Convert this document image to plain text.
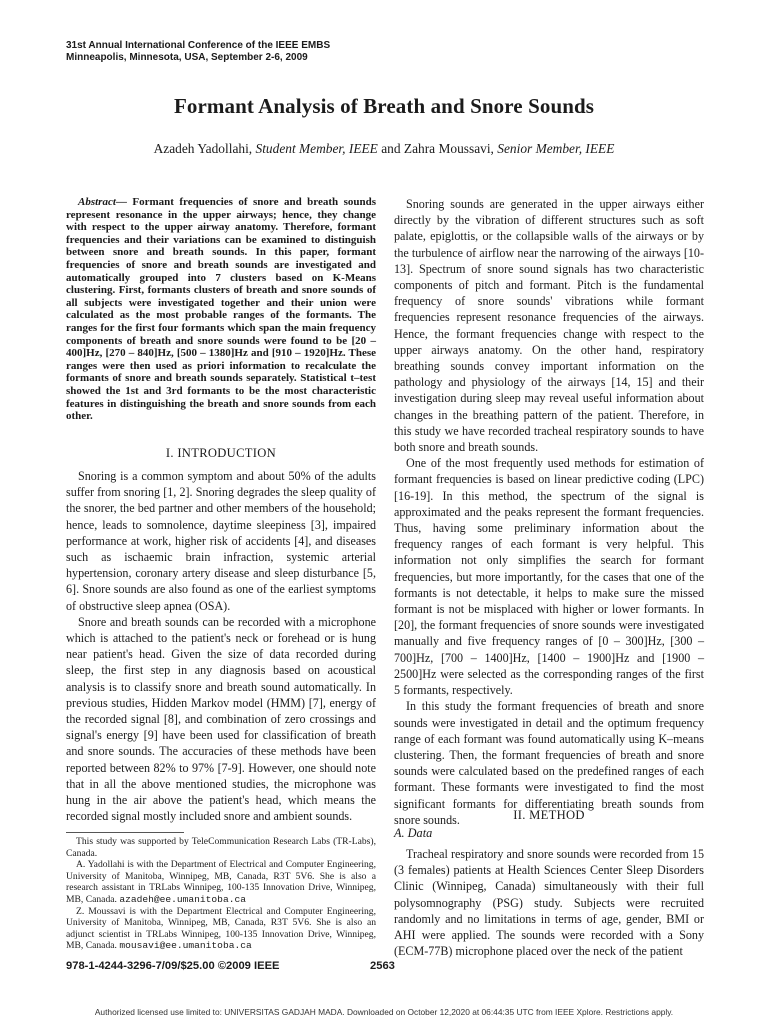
31st Annual International Conference of the IEEE EMBS
Minneapolis, Minnesota, USA, September 2-6, 2009
Formant Analysis of Breath and Snore Sounds
Azadeh Yadollahi, Student Member, IEEE and Zahra Moussavi, Senior Member, IEEE
Abstract— Formant frequencies of snore and breath sounds represent resonance in the upper airways; hence, they change with respect to the upper airway anatomy. Therefore, formant frequencies and their variations can be examined to distinguish between snore and breath sounds. In this paper, formant frequencies of snore and breath sounds are investigated and automatically grouped into 7 clusters based on K-Means clustering. First, formants clusters of breath and snore sounds of all subjects were investigated together and their union were calculated as the most probable ranges of the formants. The ranges for the first four formants which span the main frequency components of breath and snore sounds were found to be [20 – 400]Hz, [270 – 840]Hz, [500 – 1380]Hz and [910 – 1920]Hz. These ranges were then used as priori information to recalculate the formants of snore and breath sounds separately. Statistical t–test showed the 1st and 3rd formants to be the most characteristic features in distinguishing the breath and snore sounds from each other.
I. INTRODUCTION

Snoring is a common symptom and about 50% of the adults suffer from snoring [1, 2]. Snoring degrades the sleep quality of the snorer, the bed partner and other members of the household; hence, leads to somnolence, daytime sleepiness [3], impaired performance at work, higher risk of accidents [4], and diseases such as ischaemic brain infraction, systemic arterial hypertension, coronary artery disease and sleep disturbance [5, 6]. Snore sounds are also found as one of the earliest symptoms of obstructive sleep apnea (OSA).

Snore and breath sounds can be recorded with a microphone which is attached to the patient's neck or forehead or is hung near patient's head. Given the size of data recorded during sleep, the first step in any diagnosis based on acoustical analysis is to classify snore and breath sound automatically. In previous studies, Hidden Markov model (HMM) [7], energy of the recorded signal [8], and combination of zero crossings and signal's energy [9] have been used for classification of breath and snore sounds. The accuracies of these methods have been reported between 82% to 97% [7-9]. However, one should note that in all the above mentioned studies, the microphone was hung in the air above the patient's head, which means the recorded signal mostly included snore and ambient sounds.

This study was supported by TeleCommunication Research Labs (TR-Labs), Canada.

A. Yadollahi is with the Department of Electrical and Computer Engineering, University of Manitoba, Winnipeg, MB, Canada, R3T 5V6. She is also a research assistant in TRLabs Winnipeg, 100-135 Innovation Drive, Winnipeg, MB, Canada. azadeh@ee.umanitoba.ca

Z. Moussavi is with the Department Electrical and Computer Engineering, University of Manitoba, Winnipeg, MB, Canada, R3T 5V6. She is also an adjunct scientist in TRLabs Winnipeg, 100-135 Innovation Drive, Winnipeg, MB, Canada. mousavi@ee.umanitoba.ca

Snoring sounds are generated in the upper airways either directly by the vibration of different structures such as soft palate, epiglottis, or the collapsible walls of the airways or by the turbulence of airflow near the narrowing of the airways [10-13]. Spectrum of snore sound signals has two characteristic components of pitch and formant. Pitch is the fundamental frequency of snore sounds' vibrations while formant frequencies represent resonance frequencies of the airways. Hence, the formant frequencies change with respect to the upper airways anatomy. On the other hand, respiratory breathing sounds convey important information on the pathology and physiology of the airways [14, 15] and their investigation during sleep may reveal useful information about changes in the breathing pattern of the patient. Therefore, in this study we have recorded tracheal respiratory sounds to have both snore and breath sounds.

One of the most frequently used methods for estimation of formant frequencies is based on linear predictive coding (LPC) [16-19]. In this method, the spectrum of the signal is approximated and the peaks represent the formant frequencies. Thus, having some preliminary information about the frequency ranges of each formant is very helpful. This information not only simplifies the search for formant frequencies, but more importantly, for the cases that one of the formants is not detectable, it helps to make sure the missed formant is not be misplaced with higher or lower formants. In [20], the formant frequencies of snore sounds were investigated manually and five frequency ranges of [0 – 300]Hz, [300 – 700]Hz, [700 – 1400]Hz, [1400 – 1900]Hz and [1900 – 2500]Hz were selected as the corresponding ranges of the first 5 formants, respectively.

In this study the formant frequencies of breath and snore sounds were investigated in detail and the optimum frequency range of each formant was found automatically using K–means clustering. Then, the formant frequencies of breath and snore sounds were calculated based on the predefined ranges of each formant. These formants were investigated to find the most significant formants for differentiating breath sounds from snore sounds.	II. METHOD
A. Data

Tracheal respiratory and snore sounds were recorded from 15 (3 females) patients at Health Sciences Center Sleep Disorders Clinic (Winnipeg, Canada) simultaneously with their full polysomnography (PSG) study. Subjects were recruited randomly and no limitations in terms of age, gender, BMI or AHI were applied. The sounds were recorded with a Sony (ECM-77B) microphone placed over the neck of the patient

978-1-4244-3296-7/09/$25.00 ©2009 IEEE	2563
Authorized licensed use limited to: UNIVERSITAS GADJAH MADA. Downloaded on October 12,2020 at 06:44:35 UTC from IEEE Xplore. Restrictions apply.
